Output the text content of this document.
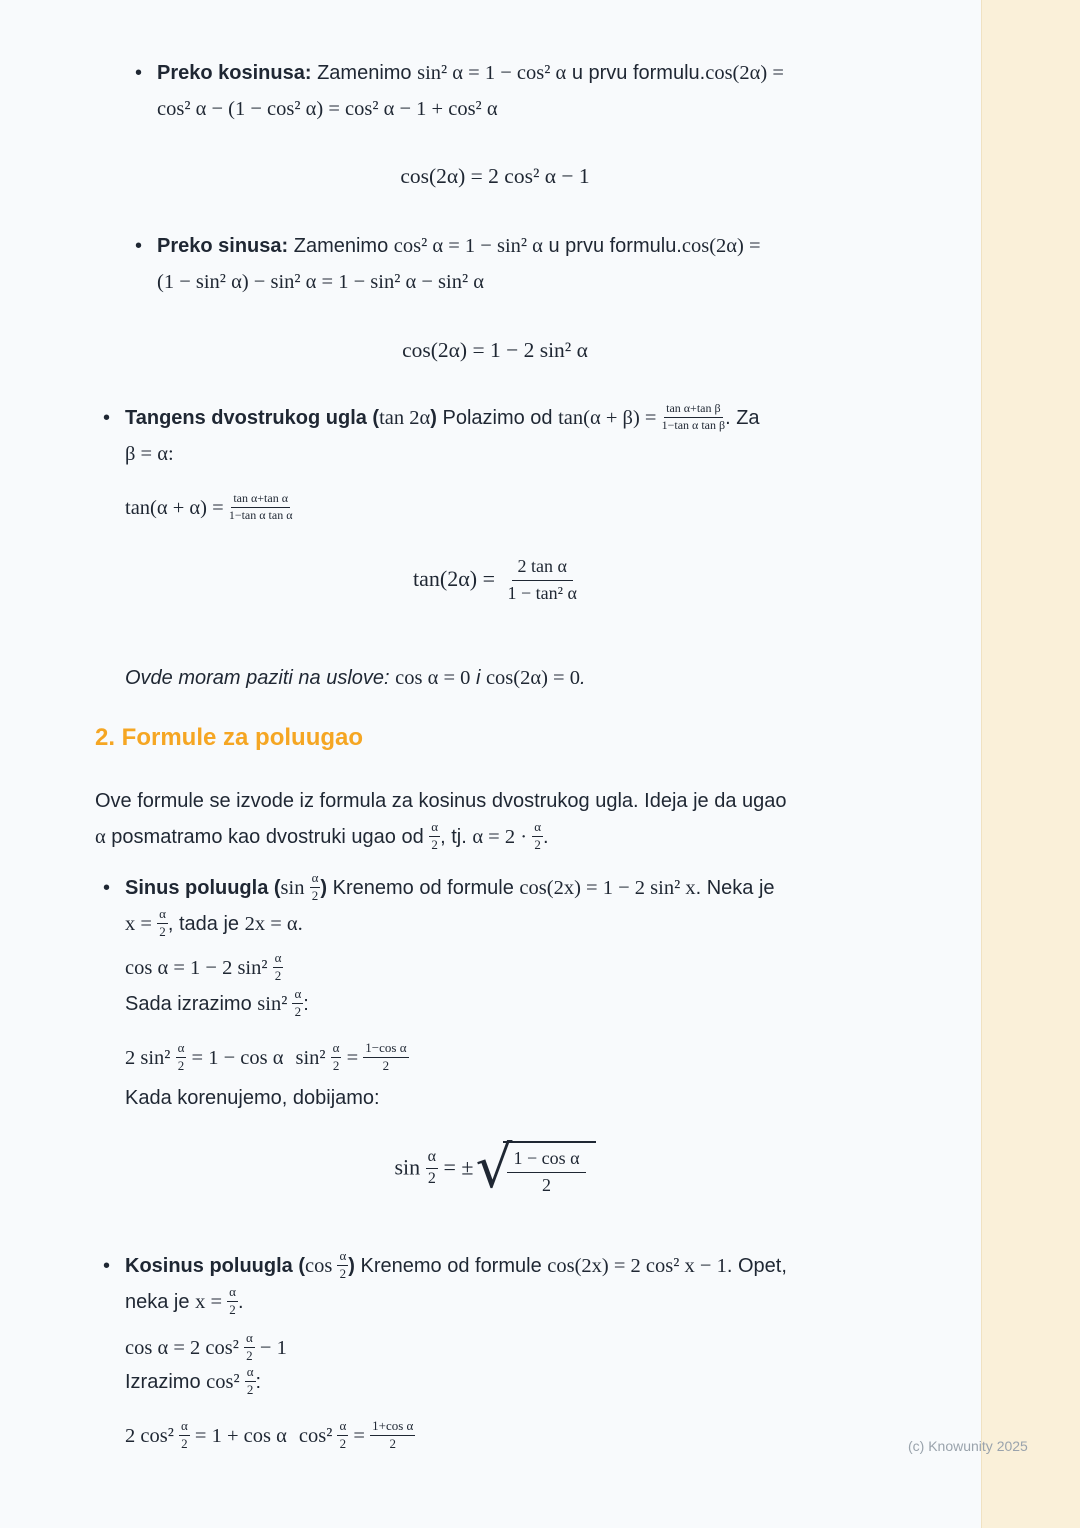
• Preko kosinusa: Zamenimo sin² α = 1 − cos² α u prvu formulu.cos(2α) =
cos² α − (1 − cos² α) = cos² α − 1 + cos² α
cos(2α) = 2 cos² α − 1
• Preko sinusa: Zamenimo cos² α = 1 − sin² α u prvu formulu.cos(2α) =
(1 − sin² α) − sin² α = 1 − sin² α − sin² α
cos(2α) = 1 − 2 sin² α
• Tangens dvostrukog ugla (tan 2α) Polazimo od $\tan(\alpha + \beta) = \frac{\text{tan α+tan β}}{\text{1−tan α tan β}}$ . Za
β = α:
$\tan(\alpha + \alpha) = \frac{\text{tan α+tan α}}{\text{1−tan α tan α}}$
$\tan(2\alpha) = \frac{\text{2 tan α}}{\text{1 − tan² α}}$
Ovde moram paziti na uslove: cos α = 0 i cos(2α) = 0.
2. Formule za poluugao
Ove formule se izvode iz formula za kosinus dvostrukog ugla. Ideja je da ugao
α posmatramo kao dvostruki ugao od $\frac{\alpha}{2}$ , tj. $\alpha = 2 \cdot \frac{\alpha}{2}$ .
• Sinus poluugla ($\sin \frac{\alpha}{2}$ ) Krenemo od formule cos(2x) = 1 − 2 sin² x. Neka je
$x = \frac{\alpha}{2}$ , tada je 2x = α.
cos α = 1 − 2 $\sin^2 \frac{\alpha}{2}$
Sada izrazimo $\sin^2 \frac{\alpha}{2}$ :
2 $\sin^2 \frac{\alpha}{2} = 1 - \cos \alpha$ $\sin^2 \frac{\alpha}{2} = \frac{\text{1−cos α}}{2}$
Kada korenujemo, dobijamo:
$\sin \frac{\alpha}{2}$ = ± √
$\frac{\text{1 − cos α}}{2}$
• Kosinus poluugla ($\cos \frac{\alpha}{2}$ ) Krenemo od formule cos(2x) = 2 cos² x − 1. Opet,
neka je $x = \frac{\alpha}{2}$ .
cos α = 2 $\cos^2 \frac{\alpha}{2} - 1$
Izrazimo $\cos^2 \frac{\alpha}{2}$ :
2 $\cos^2 \frac{\alpha}{2} = 1 + \cos \alpha$ $\cos^2 \frac{\alpha}{2} = \frac{\text{1+cos α}}{2}$	(c) Knowunity 2025
